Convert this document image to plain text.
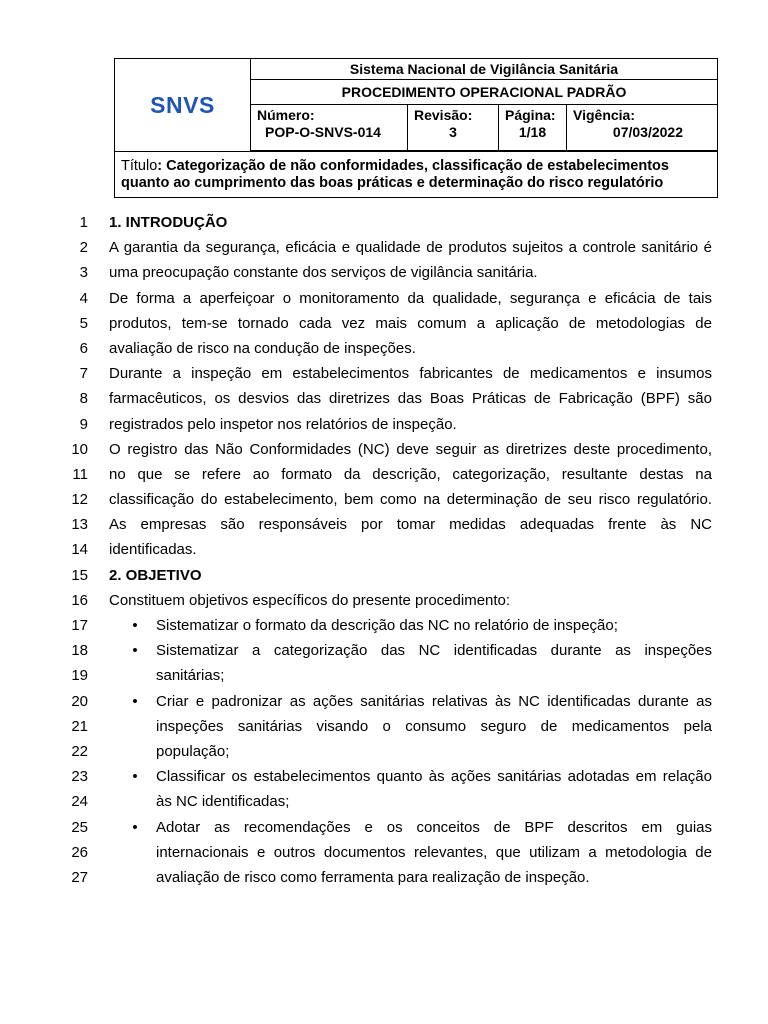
SNVS
Sistema Nacional de Vigilância Sanitária
PROCEDIMENTO OPERACIONAL PADRÃO
Número:
POP-O-SNVS-014
Revisão:
3
Página:
1/18
Vigência:
07/03/2022
Título: Categorização de não conformidades, classificação de estabelecimentos
quanto ao cumprimento das boas práticas e determinação do risco regulatório
1 1. INTRODUÇÃO
2 A garantia da segurança, eficácia e qualidade de produtos sujeitos a controle sanitário é
3 uma preocupação constante dos serviços de vigilância sanitária.
4 De forma a aperfeiçoar o monitoramento da qualidade, segurança e eficácia de tais
5 produtos, tem-se tornado cada vez mais comum a aplicação de metodologias de
6 avaliação de risco na condução de inspeções.
7 Durante a inspeção em estabelecimentos fabricantes de medicamentos e insumos
8 farmacêuticos, os desvios das diretrizes das Boas Práticas de Fabricação (BPF) são
9 registrados pelo inspetor nos relatórios de inspeção.
10 O registro das Não Conformidades (NC) deve seguir as diretrizes deste procedimento,
11 no que se refere ao formato da descrição, categorização, resultante destas na
12 classificação do estabelecimento, bem como na determinação de seu risco regulatório.
13 As empresas são responsáveis por tomar medidas adequadas frente às NC
14 identificadas.
15 2. OBJETIVO
16 Constituem objetivos específicos do presente procedimento:
17	• Sistematizar o formato da descrição das NC no relatório de inspeção;
18	• Sistematizar a categorização das NC identificadas durante as inspeções
19	sanitárias;
20	• Criar e padronizar as ações sanitárias relativas às NC identificadas durante as
21	inspeções sanitárias visando o consumo seguro de medicamentos pela
22	população;
23	• Classificar os estabelecimentos quanto às ações sanitárias adotadas em relação
24	às NC identificadas;
25	• Adotar as recomendações e os conceitos de BPF descritos em guias
26	internacionais e outros documentos relevantes, que utilizam a metodologia de
27	avaliação de risco como ferramenta para realização de inspeção.
